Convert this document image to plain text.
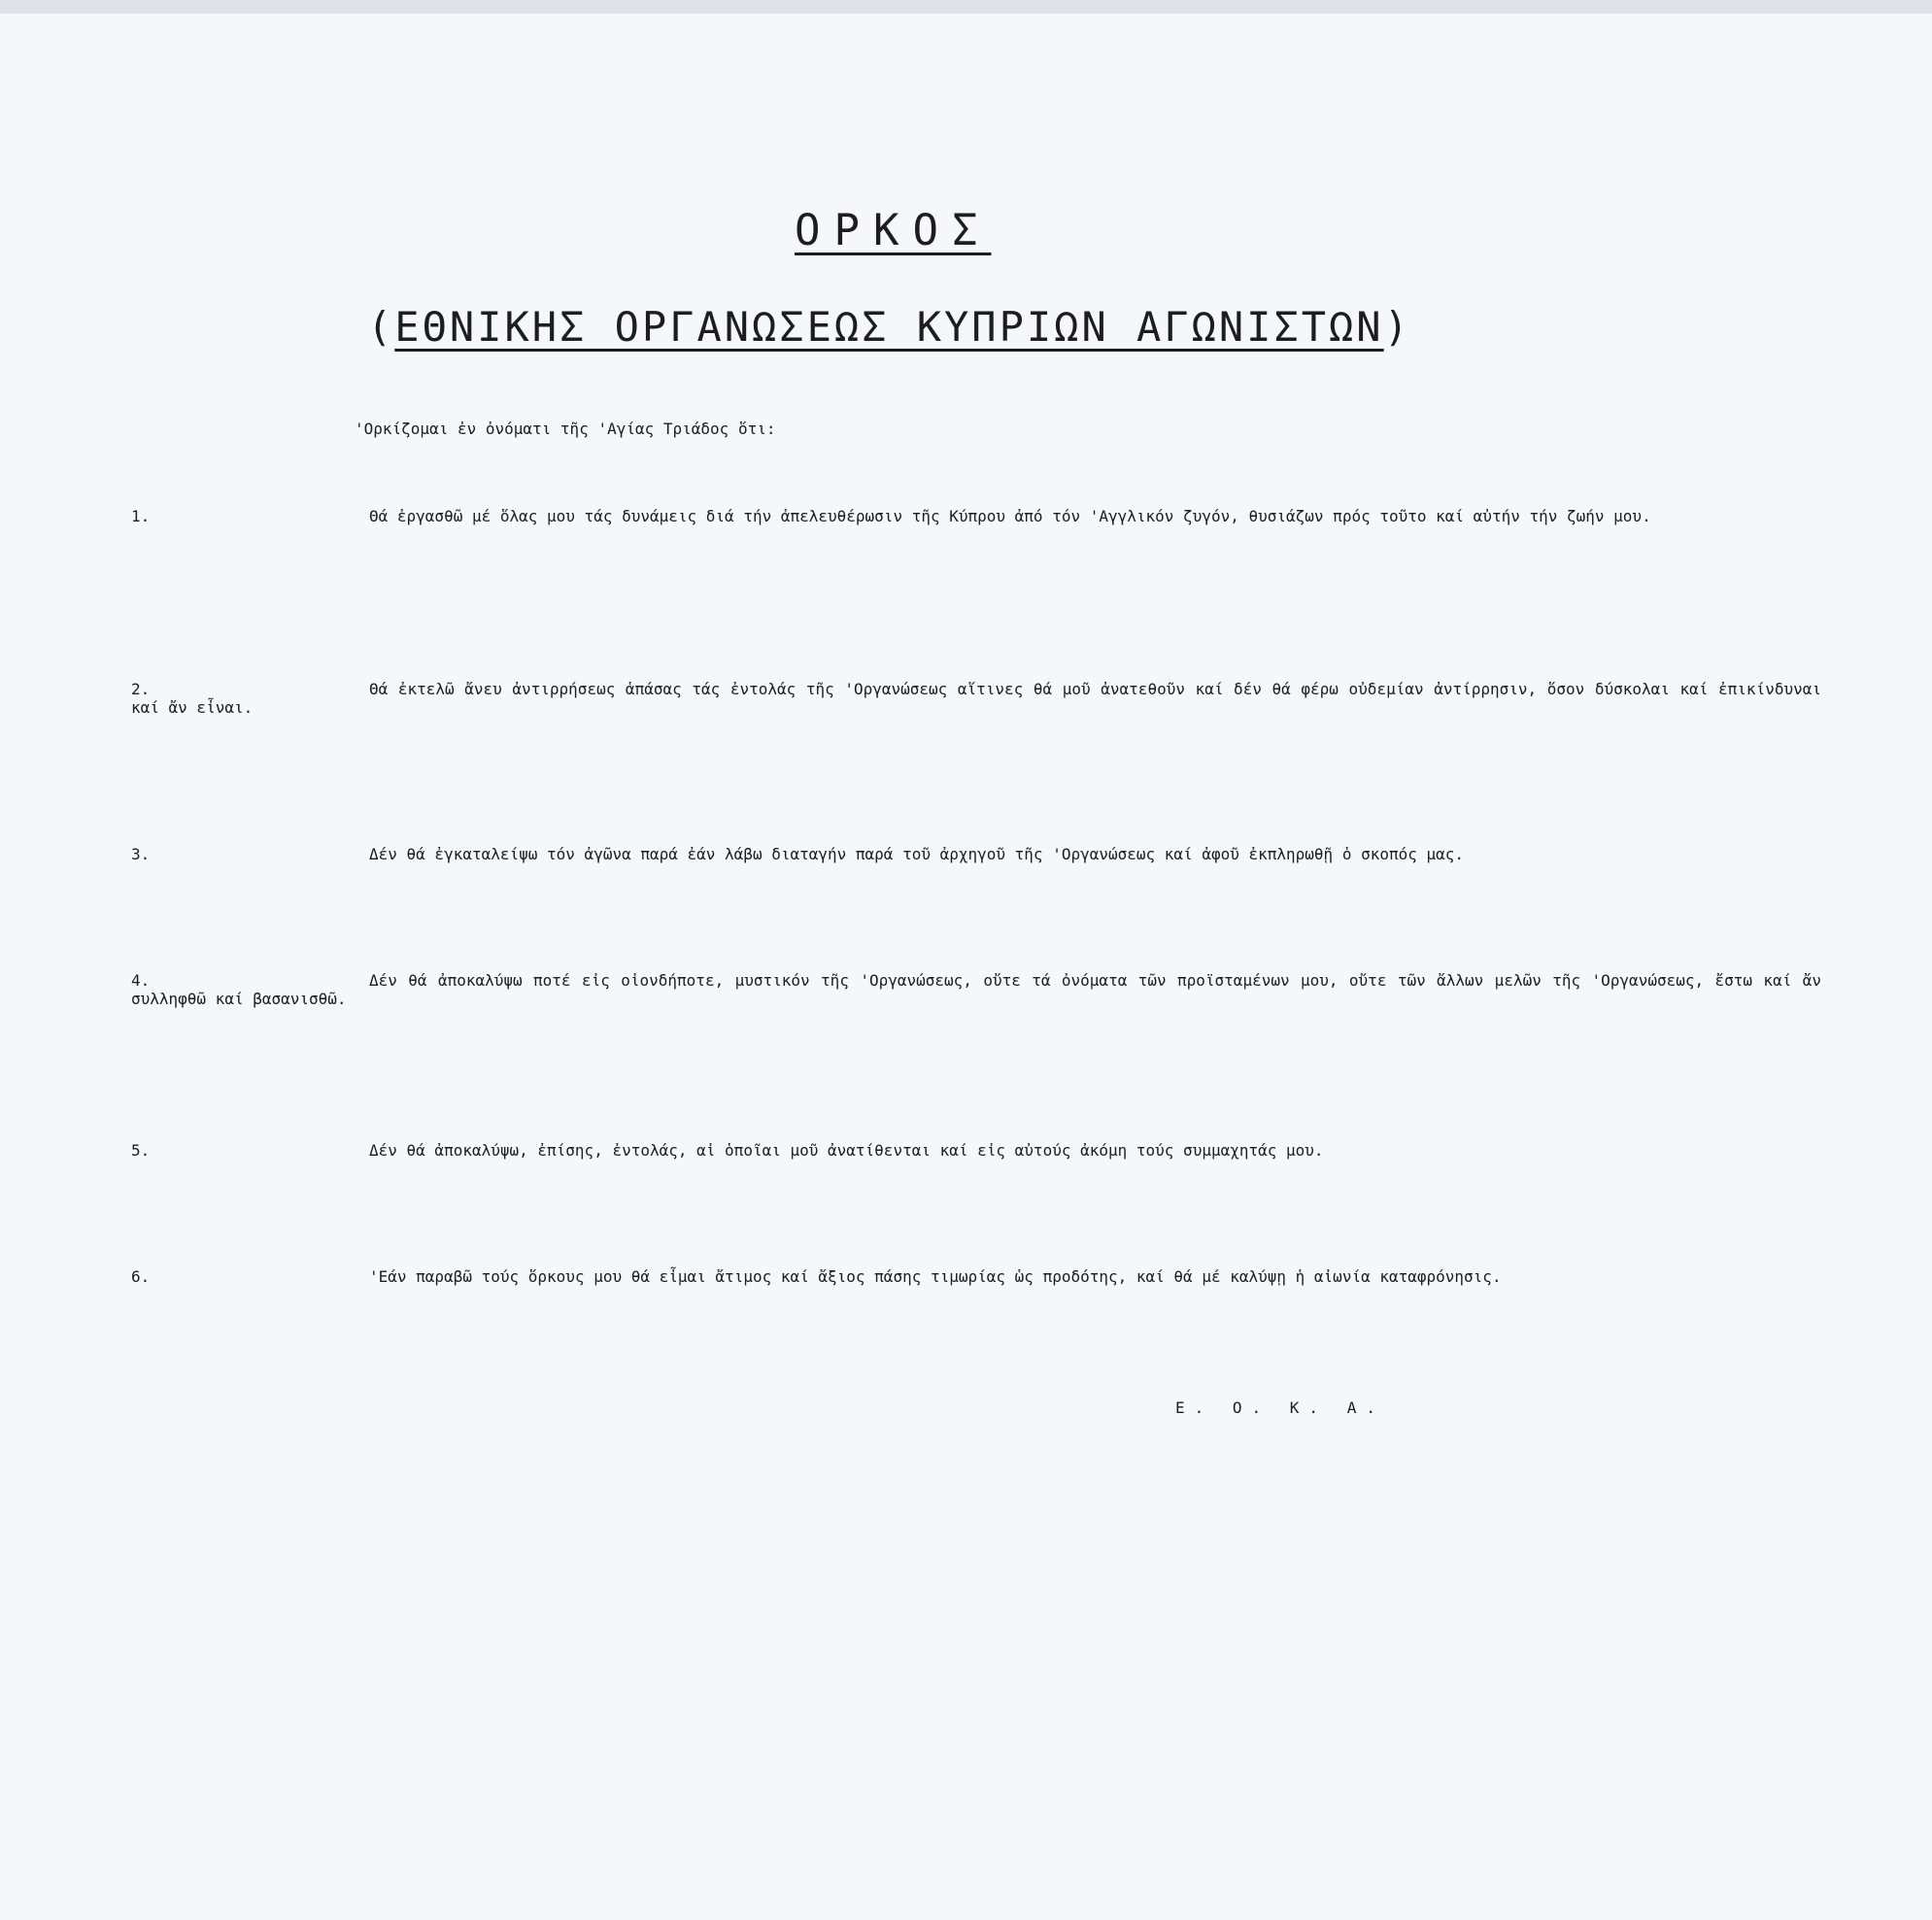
ΟΡΚΟΣ
(ΕΘΝΙΚΗΣ ΟΡΓΑΝΩΣΕΩΣ ΚΥΠΡΙΩΝ ΑΓΩΝΙΣΤΩΝ)
'Ορκίζομαι ἐν ὀνόματι τῆς 'Αγίας Τριάδος ὅτι:
1.	Θά ἐργασθῶ μέ ὅλας μου τάς δυνάμεις διά τήν ἀπελευθέρωσιν τῆς Κύπρου ἀπό τόν 'Αγγλικόν ζυγόν, θυσιάζων πρός τοῦτο καί αὐτήν τήν ζωήν μου.

2.	Θά ἐκτελῶ ἄνευ ἀντιρρήσεως ἁπάσας τάς ἐντολάς τῆς 'Οργανώσεως αἵτινες θά μοῦ ἀνατεθοῦν καί δέν θά φέρω οὐδεμίαν ἀντίρρησιν, ὅσον δύσκολαι καί ἐπικίνδυναι καί ἄν εἶναι.

3.	Δέν θά ἐγκαταλείψω τόν ἀγῶνα παρά ἐάν λάβω διαταγήν παρά τοῦ ἀρχηγοῦ τῆς 'Οργανώσεως καί ἀφοῦ ἐκπληρωθῇ ὁ σκοπός μας.

4.	Δέν θά ἀποκαλύψω ποτέ εἰς οἱονδήποτε, μυστικόν τῆς 'Οργανώσεως, οὔτε τά ὀνόματα τῶν προϊσταμένων μου, οὔτε τῶν ἄλλων μελῶν τῆς 'Οργανώσεως, ἔστω καί ἄν συλληφθῶ καί βασανισθῶ.

5.	Δέν θά ἀποκαλύψω, ἐπίσης, ἐντολάς, αἱ ὁποῖαι μοῦ ἀνατίθενται καί εἰς αὐτούς ἀκόμη τούς συμμαχητάς μου.

6.	'Εάν παραβῶ τούς ὅρκους μου θά εἶμαι ἄτιμος καί ἄξιος πάσης τιμωρίας ὡς προδότης, καί θά μέ καλύψῃ ἡ αἰωνία καταφρόνησις.

Ε. Ο. Κ. Α.
